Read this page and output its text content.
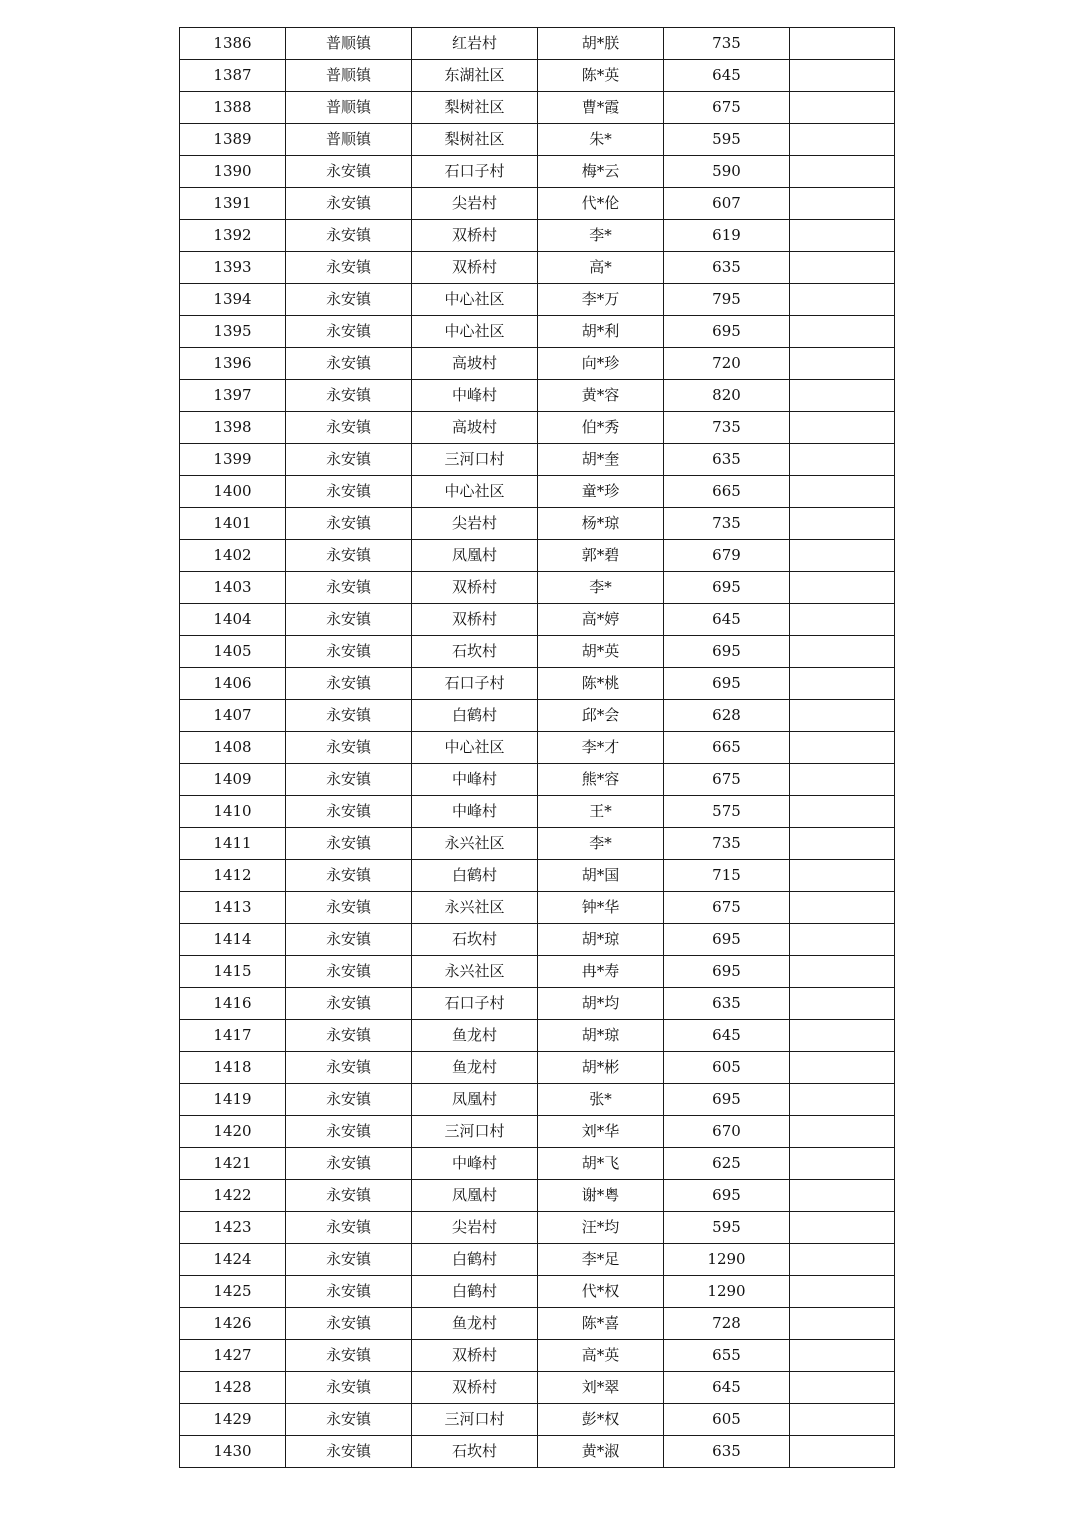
1386	普顺镇	红岩村	胡*朕	735	
1387	普顺镇	东湖社区	陈*英	645	
1388	普顺镇	梨树社区	曹*霞	675	
1389	普顺镇	梨树社区	朱*	595	
1390	永安镇	石口子村	梅*云	590	
1391	永安镇	尖岩村	代*伦	607	
1392	永安镇	双桥村	李*	619	
1393	永安镇	双桥村	高*	635	
1394	永安镇	中心社区	李*万	795	
1395	永安镇	中心社区	胡*利	695	
1396	永安镇	高坡村	向*珍	720	
1397	永安镇	中峰村	黄*容	820	
1398	永安镇	高坡村	伯*秀	735	
1399	永安镇	三河口村	胡*奎	635	
1400	永安镇	中心社区	童*珍	665	
1401	永安镇	尖岩村	杨*琼	735	
1402	永安镇	凤凰村	郭*碧	679	
1403	永安镇	双桥村	李*	695	
1404	永安镇	双桥村	高*婷	645	
1405	永安镇	石坎村	胡*英	695	
1406	永安镇	石口子村	陈*桃	695	
1407	永安镇	白鹤村	邱*会	628	
1408	永安镇	中心社区	李*才	665	
1409	永安镇	中峰村	熊*容	675	
1410	永安镇	中峰村	王*	575	
1411	永安镇	永兴社区	李*	735	
1412	永安镇	白鹤村	胡*国	715	
1413	永安镇	永兴社区	钟*华	675	
1414	永安镇	石坎村	胡*琼	695	
1415	永安镇	永兴社区	冉*寿	695	
1416	永安镇	石口子村	胡*均	635	
1417	永安镇	鱼龙村	胡*琼	645	
1418	永安镇	鱼龙村	胡*彬	605	
1419	永安镇	凤凰村	张*	695	
1420	永安镇	三河口村	刘*华	670	
1421	永安镇	中峰村	胡*飞	625	
1422	永安镇	凤凰村	谢*粤	695	
1423	永安镇	尖岩村	汪*均	595	
1424	永安镇	白鹤村	李*足	1290	
1425	永安镇	白鹤村	代*权	1290	
1426	永安镇	鱼龙村	陈*喜	728	
1427	永安镇	双桥村	高*英	655	
1428	永安镇	双桥村	刘*翠	645	
1429	永安镇	三河口村	彭*权	605	
1430	永安镇	石坎村	黄*淑	635	
